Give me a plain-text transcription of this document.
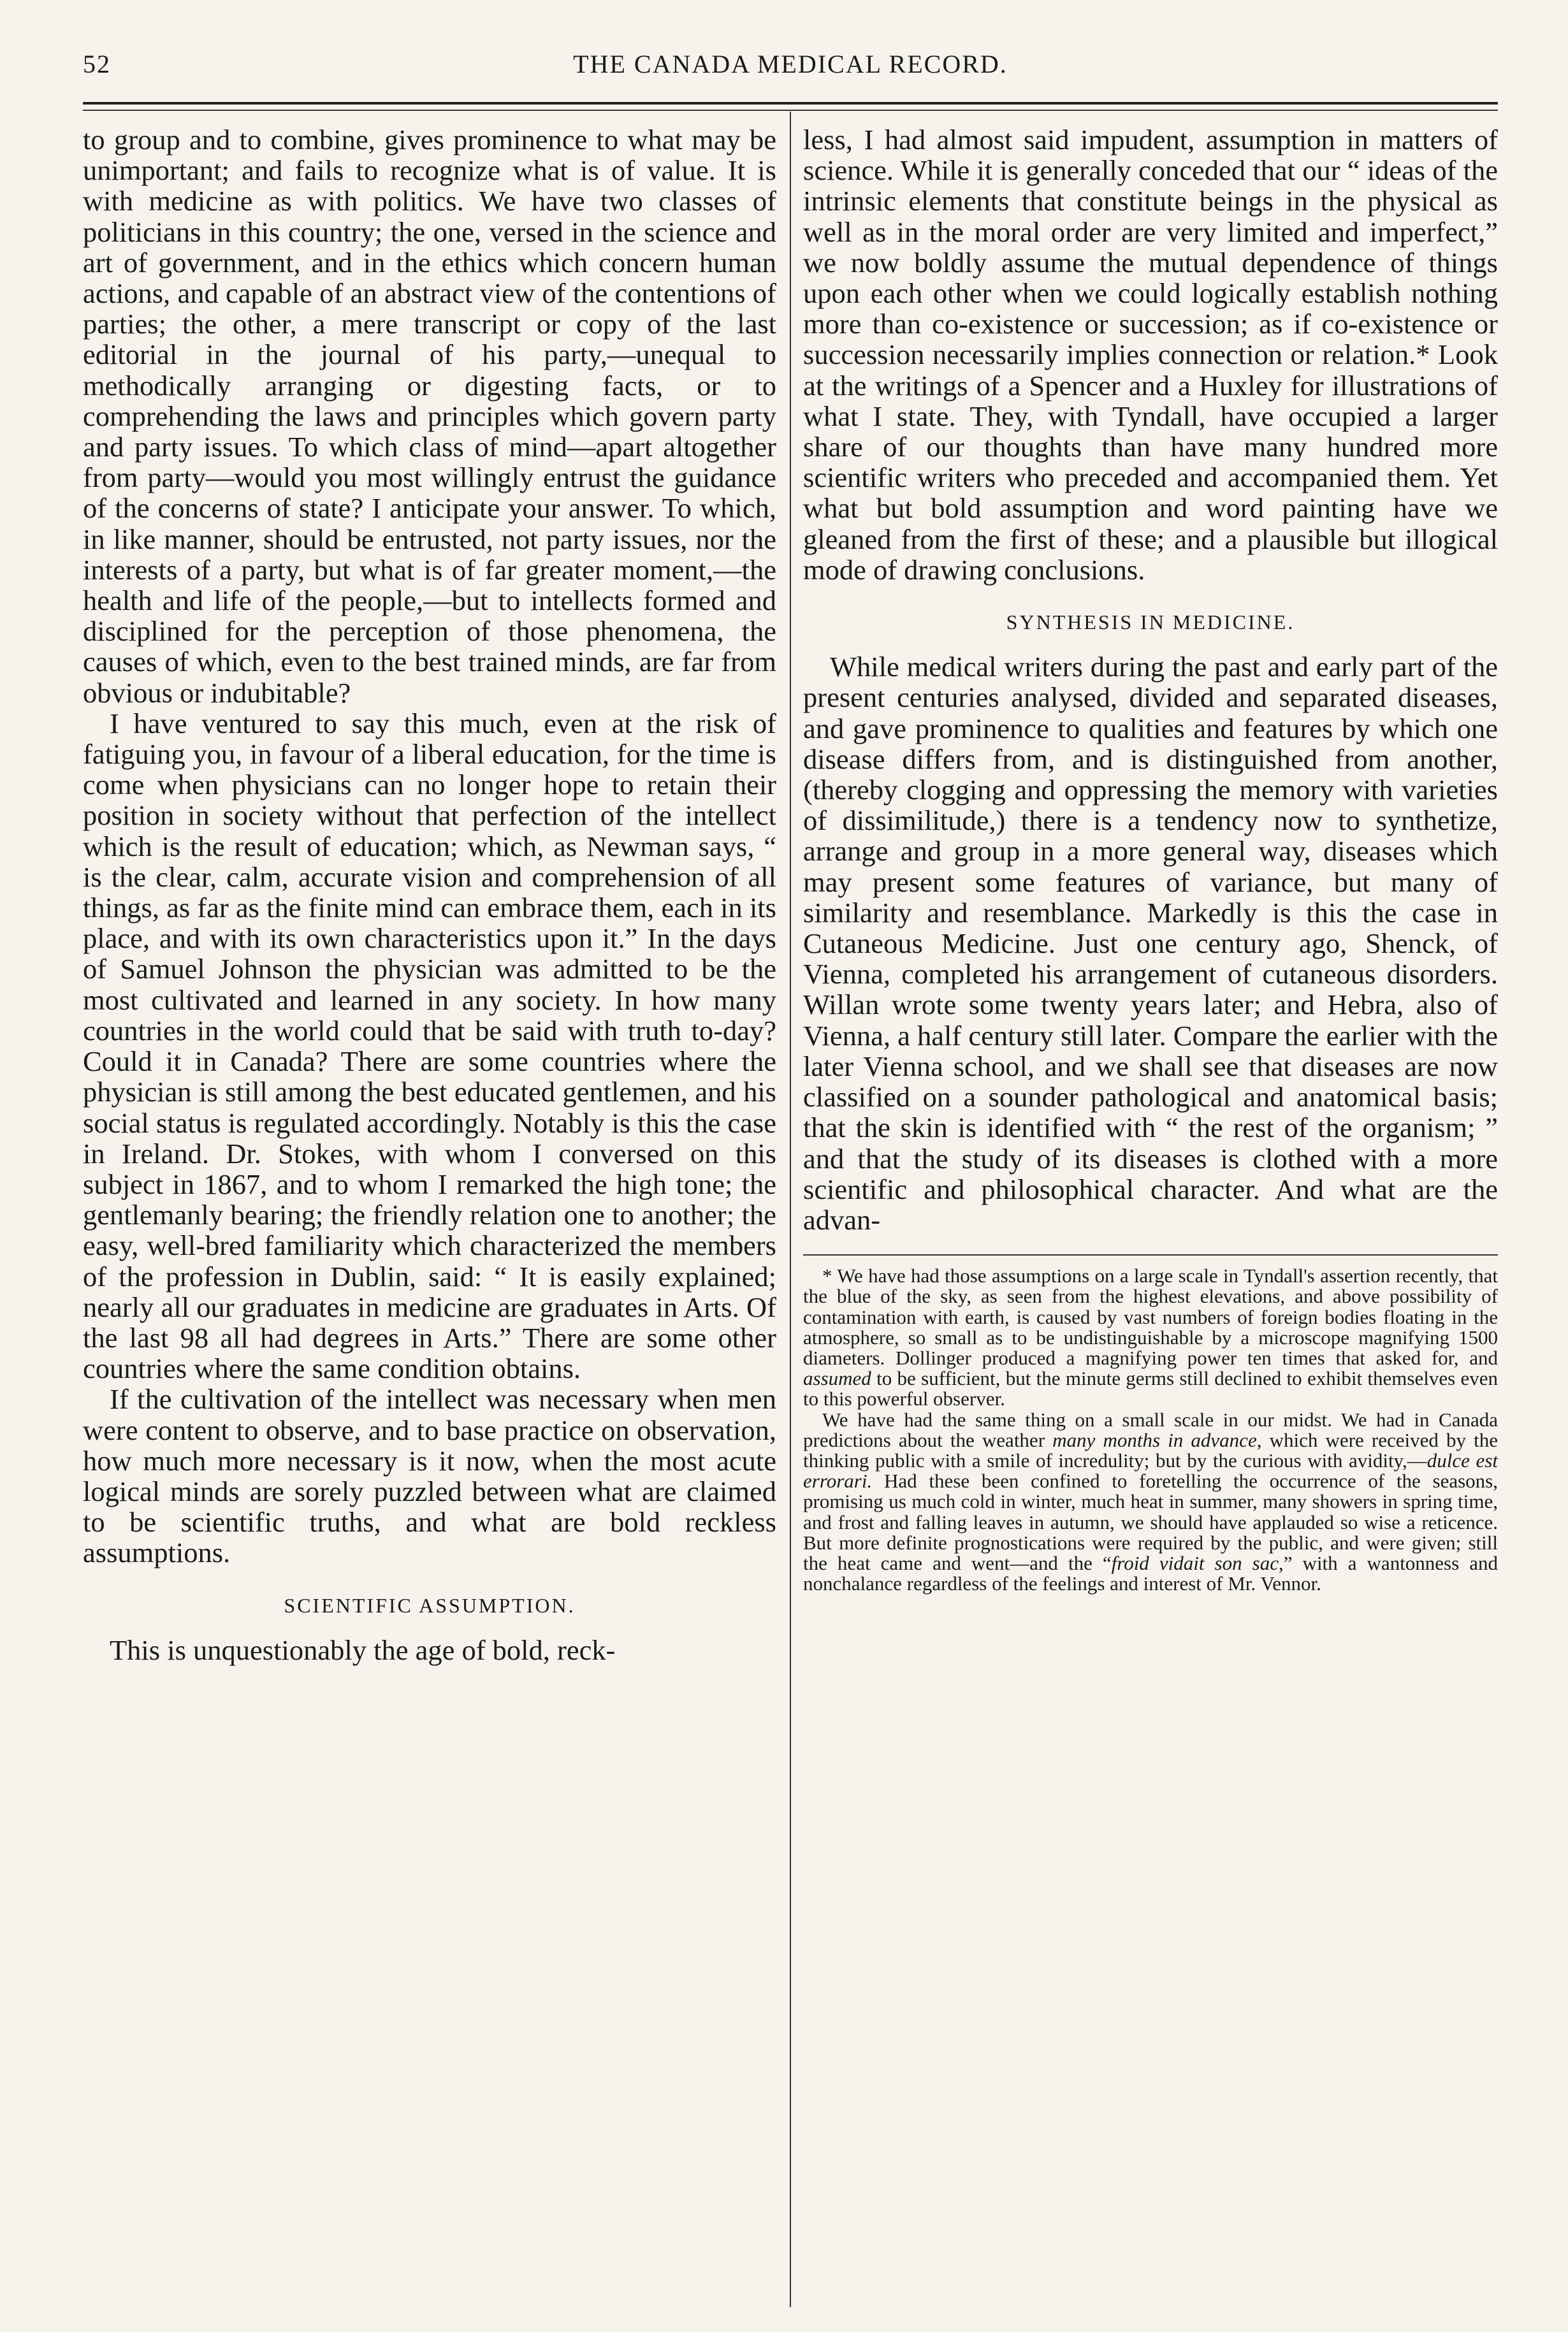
52	THE CANADA MEDICAL RECORD.

to group and to combine, gives prominence to what may be unimportant; and fails to recognize what is of value. It is with medicine as with politics. We have two classes of politicians in this country; the one, versed in the science and art of government, and in the ethics which concern human actions, and capable of an abstract view of the contentions of parties; the other, a mere transcript or copy of the last editorial in the journal of his party,—unequal to methodically arranging or digesting facts, or to comprehending the laws and principles which govern party and party issues. To which class of mind—apart altogether from party—would you most willingly entrust the guidance of the concerns of state? I anticipate your answer. To which, in like manner, should be entrusted, not party issues, nor the interests of a party, but what is of far greater moment,—the health and life of the people,—but to intellects formed and disciplined for the perception of those phenomena, the causes of which, even to the best trained minds, are far from obvious or indubitable?

I have ventured to say this much, even at the risk of fatiguing you, in favour of a liberal education, for the time is come when physicians can no longer hope to retain their position in society without that perfection of the intellect which is the result of education; which, as Newman says, “ is the clear, calm, accurate vision and comprehension of all things, as far as the finite mind can embrace them, each in its place, and with its own characteristics upon it.” In the days of Samuel Johnson the physician was admitted to be the most cultivated and learned in any society. In how many countries in the world could that be said with truth to-day? Could it in Canada? There are some countries where the physician is still among the best educated gentlemen, and his social status is regulated accordingly. Notably is this the case in Ireland. Dr. Stokes, with whom I conversed on this subject in 1867, and to whom I remarked the high tone; the gentlemanly bearing; the friendly relation one to another; the easy, well-bred familiarity which characterized the members of the profession in Dublin, said: “ It is easily explained; nearly all our graduates in medicine are graduates in Arts. Of the last 98 all had degrees in Arts.” There are some other countries where the same condition obtains.

If the cultivation of the intellect was necessary when men were content to observe, and to base practice on observation, how much more necessary is it now, when the most acute logical minds are sorely puzzled between what are claimed to be scientific truths, and what are bold reckless assumptions.

SCIENTIFIC ASSUMPTION.

This is unquestionably the age of bold, reck-

less, I had almost said impudent, assumption in matters of science. While it is generally conceded that our “ ideas of the intrinsic elements that constitute beings in the physical as well as in the moral order are very limited and imperfect,” we now boldly assume the mutual dependence of things upon each other when we could logically establish nothing more than co-existence or succession; as if co-existence or succession necessarily implies connection or relation.* Look at the writings of a Spencer and a Huxley for illustrations of what I state. They, with Tyndall, have occupied a larger share of our thoughts than have many hundred more scientific writers who preceded and accompanied them. Yet what but bold assumption and word painting have we gleaned from the first of these; and a plausible but illogical mode of drawing conclusions.

SYNTHESIS IN MEDICINE.

While medical writers during the past and early part of the present centuries analysed, divided and separated diseases, and gave prominence to qualities and features by which one disease differs from, and is distinguished from another, (thereby clogging and oppressing the memory with varieties of dissimilitude,) there is a tendency now to synthetize, arrange and group in a more general way, diseases which may present some features of variance, but many of similarity and resemblance. Markedly is this the case in Cutaneous Medicine. Just one century ago, Shenck, of Vienna, completed his arrangement of cutaneous disorders. Willan wrote some twenty years later; and Hebra, also of Vienna, a half century still later. Compare the earlier with the later Vienna school, and we shall see that diseases are now classified on a sounder pathological and anatomical basis; that the skin is identified with “ the rest of the organism; ” and that the study of its diseases is clothed with a more scientific and philosophical character. And what are the advan-

* We have had those assumptions on a large scale in Tyndall's assertion recently, that the blue of the sky, as seen from the highest elevations, and above possibility of contamination with earth, is caused by vast numbers of foreign bodies floating in the atmosphere, so small as to be undistinguishable by a microscope magnifying 1500 diameters. Dollinger produced a magnifying power ten times that asked for, and assumed to be sufficient, but the minute germs still declined to exhibit themselves even to this powerful observer.

We have had the same thing on a small scale in our midst. We had in Canada predictions about the weather many months in advance, which were received by the thinking public with a smile of incredulity; but by the curious with avidity,—dulce est errorari. Had these been confined to foretelling the occurrence of the seasons, promising us much cold in winter, much heat in summer, many showers in spring time, and frost and falling leaves in autumn, we should have applauded so wise a reticence. But more definite prognostications were required by the public, and were given; still the heat came and went—and the “froid vidait son sac,” with a wantonness and nonchalance regardless of the feelings and interest of Mr. Vennor.
